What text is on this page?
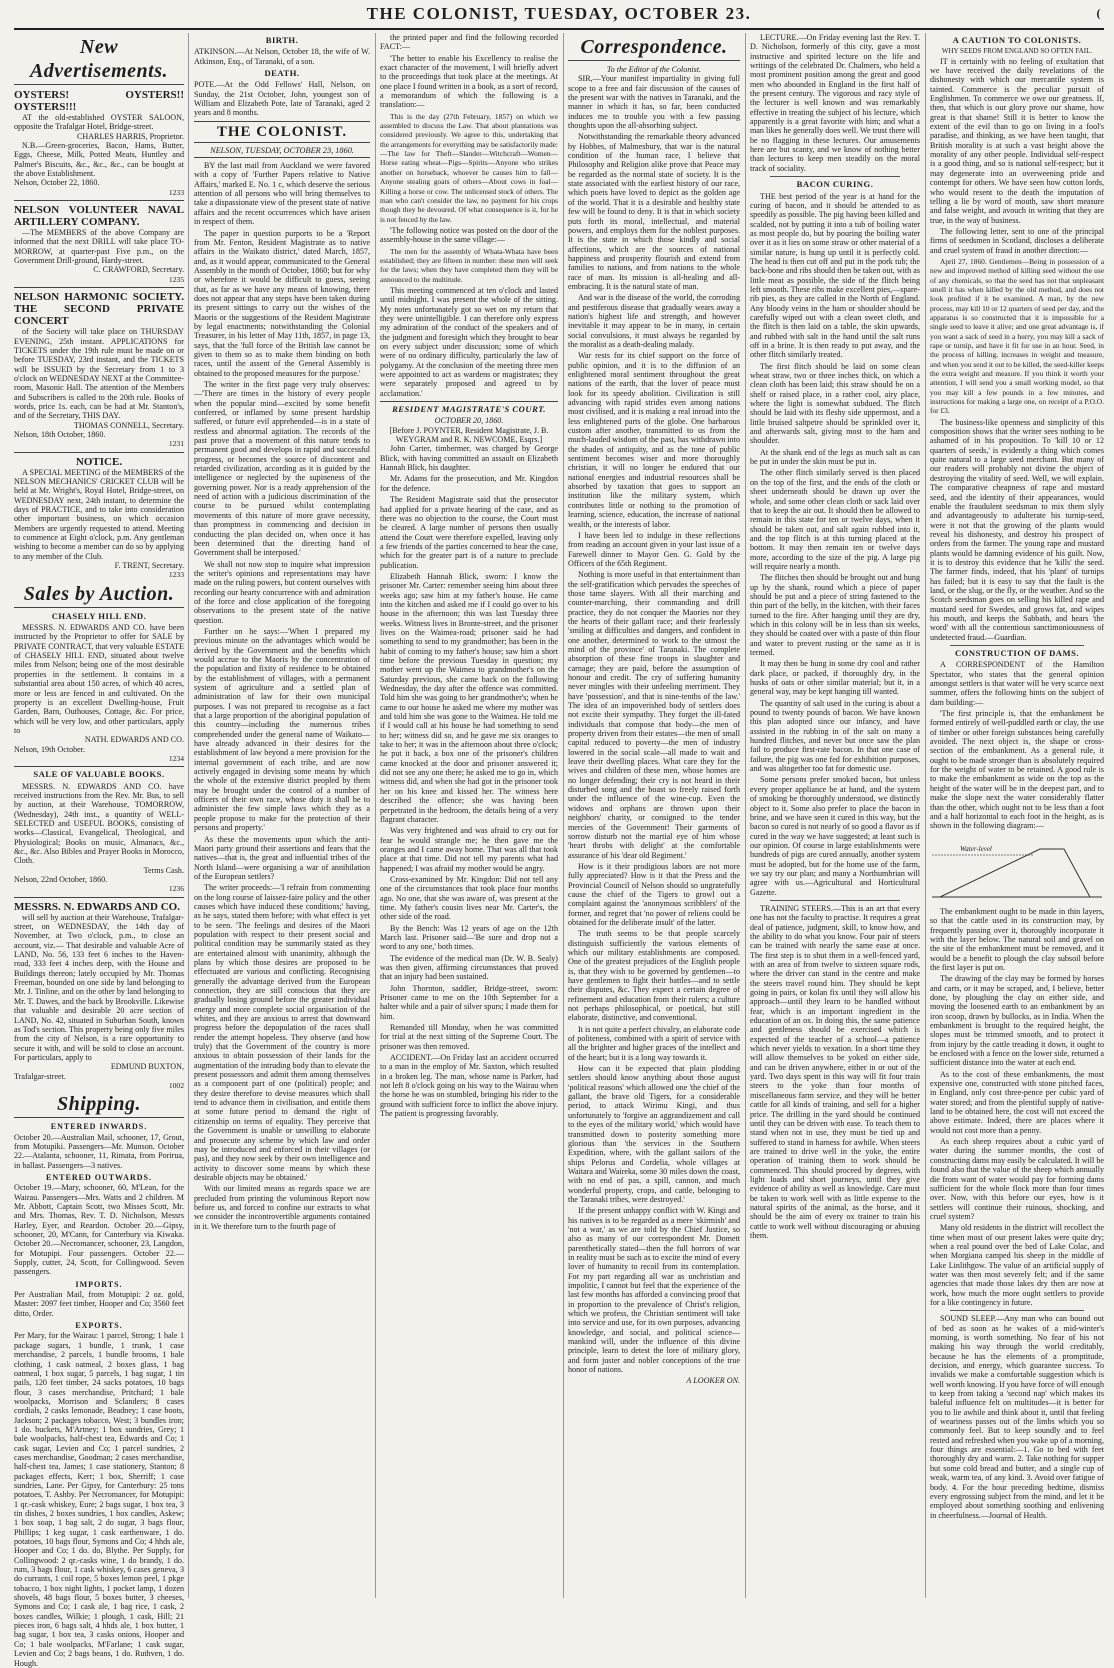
THE COLONIST, TUESDAY, OCTOBER 23.	(
New Advertisements.
OYSTERS! OYSTERS!! OYSTERS!!!

AT the old-established OYSTER SALOON, opposite the Trafalgar Hotel, Bridge-street.

CHARLES HARRIS, Proprietor.

N.B.—Green-groceries, Bacon, Hams, Butter, Eggs, Cheese, Milk, Potted Meats, Huntley and Palmer's Biscuits, &c., &c., &c., can be bought at the above Establishment.

Nelson, October 22, 1860.
1233
NELSON VOLUNTEER NAVAL ARTILLERY COMPANY.

—The MEMBERS of the above Company are informed that the next DRILL will take place TO-MORROW, at quarter-past Five p.m., on the Government Drill-ground, Hardy-street.

C. CRAWFORD, Secretary.
1235
NELSON HARMONIC SOCIETY. THE SECOND PRIVATE CONCERT

of the Society will take place on THURSDAY EVENING, 25th instant. APPLICATIONS for TICKETS under the 19th rule must be made on or before TUESDAY, 23rd instant, and the TICKETS will be ISSUED by the Secretary from 1 to 3 o'clock on WEDNESDAY NEXT at the Committee-room, Masonic Hall. The attention of the Members and Subscribers is called to the 20th rule. Books of words, price 1s. each, can be had at Mr. Stanton's, and of the Secretary, THIS DAY.

THOMAS CONNELL, Secretary.
Nelson, 18th October, 1860.
1231
NOTICE.

A SPECIAL MEETING of the MEMBERS of the NELSON MECHANICS' CRICKET CLUB will be held at Mr. Wright's, Royal Hotel, Bridge-street, on WEDNESDAY next, 24th instant, to determine the days of PRACTICE, and to take into consideration other important business, on which occasion Members are urgently requested to attend. Meeting to commence at Eight o'clock, p.m. Any gentleman wishing to become a member can do so by applying to any member of the Club.

F. TRENT, Secretary.
1233
Sales by Auction.
CHASELY HILL END.

MESSRS. N. EDWARDS AND CO. have been instructed by the Proprietor to offer for SALE by PRIVATE CONTRACT, that very valuable ESTATE of CHASELY HILL END, situated about twelve miles from Nelson; being one of the most desirable properties in the settlement. It contains in a substantial area about 150 acres, of which 40 acres, more or less are fenced in and cultivated. On the property is an excellent Dwelling-house, Fruit Garden, Barn, Outhouses, Cottage, &c. For price, which will be very low, and other particulars, apply to

NATH. EDWARDS AND CO.
Nelson, 19th October.
1234
SALE OF VALUABLE BOOKS.

MESSRS. N. EDWARDS AND CO. have received instructions from the Rev. Mr. Bus, to sell by auction, at their Warehouse, TOMORROW, (Wednesday), 24th inst., a quantity of WELL-SELECTED and USEFUL BOOKS, consisting of works—Classical, Evangelical, Theological, and Physiological; Books on music, Almanacs, &c., &c., &c. Also Bibles and Prayer Books in Morocco, Cloth.

Terms Cash.
Nelson, 22nd October, 1860.
1236
MESSRS. N. EDWARDS AND CO.

will sell by auction at their Warehouse, Trafalgar-street, on WEDNESDAY, the 14th day of November, at Two o'clock, p.m., to close an account, viz.— That desirable and valuable Acre of LAND, No. 56, 133 feet 6 inches to the Haven-road, 333 feet 4 inches deep, with the House and Buildings thereon; lately occupied by Mr. Thomas Freeman, bounded on one side by land belonging to Mr. J. Tinline, and on the other by land belonging to Mr. T. Dawes, and the back by Brookville. Likewise that valuable and desirable 20 acre section of LAND, No. 42, situated in Suburban South, known as Tod's section. This property being only five miles from the city of Nelson, is a rare opportunity to secure it with, and will be sold to close an account. For particulars, apply to

EDMUND BUXTON,
Trafalgar-street.
1002
Shipping.
ENTERED INWARDS.
October 20.—Australian Mail, schooner, 17, Grout, from Motupiki. Passengers—Mr. Munson. October 22.—Atalanta, schooner, 11, Rimata, from Porirua, in ballast. Passengers—3 natives.
ENTERED OUTWARDS.
October 19.—Mary, schooner, 60, M'Lean, for the Wairau. Passengers—Mrs. Watts and 2 children. M Mr. Abbott, Captain Scott, two Misses Scott, Mr. and Mrs. Thomas, Rev. T. D. Nicholson, Messrs Harley, Eyer, and Reardon. October 20.—Gipsy, schooner, 20, M'Cann, for Canterbury via Kiwaka. October 20.—Necromancer, schooner, 23, Langdon, for Motupipi. Four passengers. October 22.—Supply, cutter, 24, Scott, for Collingwood. Seven passengers.
IMPORTS.
Per Australian Mail, from Motupipi: 2 oz. gold, Master: 2097 feet timber, Hooper and Co; 3560 feet ditto, Order.
EXPORTS.
Per Mary, for the Wairau: 1 parcel, Strong; 1 bale 1 package sugars, 1 bundle, 1 trunk, 1 case merchandise, 2 parcels, 1 bundle brooms, 1 bale clothing, 1 cask oatmeal, 2 boxes glass, 1 bag oatmeal, 1 box sugar, 5 parcels, 1 bag sugar, 1 tin pails, 120 feet timber, 24 sacks potatoes, 10 bags flour, 3 cases merchandise, Pritchard; 1 bale woolpacks, Morrison and Sclanders; 8 cases cordials, 2 casks lemonade, Beadney; 1 case boots, Jackson; 2 packages tobacco, West; 3 bundles iron; 1 do. buckets, M'Artney; 1 box sundries, Grey; 1 bale woolpacks, half-chest tea, Edwards and Co; 1 cask sugar, Levien and Co; 1 parcel sundries, 2 cases merchandise, Goodman; 2 cases merchandise, half-chest tea, James; 1 case stationery, Stanton; 8 packages effects, Kerr; 1 box, Sherriff; 1 case sundries, Lane. Per Gipsy, for Canterbury: 25 tons potatoes, T. Ashby. Per Necromancer, for Motupipi: 1 qr.-cask whiskey, Eure; 2 bags sugar, 1 box tea, 3 tin dishes, 2 boxes sundries, 1 box candles, Askew; 1 box soap, 1 bag salt, 2 do sugar, 3 bags flour, Phillips; 1 keg sugar, 1 cask earthenware, 1 do. potatoes, 10 bags flour, Symons and Co; 4 hhds ale, Hooper and Co; 1 do. do, Blythe. Per Supply, for Collingwood: 2 qr.-casks wine, 1 do brandy, 1 do. rum, 3 bags flour, 1 cask whiskey, 6 cases geneva, 3 do currants, 1 coil rope, 5 boxes lemon peel, 1 pkge tobacco, 1 box night lights, 1 pocket lamp, 1 dozen shovels, 48 bags flour, 5 boxes butter, 3 cheeses, Symons and Co; 1 cask ale, 1 bag rice, 1 cask, 2 boxes candles, Wilkie; 1 plough, 1 cask, Hill; 21 pieces iron, 6 bags salt, 4 hhds ale, 1 box butter, 1 bag sugar, 1 box tea, 3 casks onions, Hooper and Co; 1 bale woolpacks, M'Farlane; 1 cask sugar, Levien and Co; 2 bags beans, 1 do. Ruthven, 1 do. Hough.
BIRTH.
ATKINSON.—At Nelson, October 18, the wife of W. Atkinson, Esq., of Taranaki, of a son.
DEATH.
POTE.—At the Odd Fellows' Hall, Nelson, on Sunday, the 21st October, John, youngest son of William and Elizabeth Pote, late of Taranaki, aged 2 years and 8 months.
THE COLONIST.
NELSON, TUESDAY, OCTOBER 23, 1860.

BY the last mail from Auckland we were favored with a copy of 'Further Papers relative to Native Affairs,' marked E. No. 1 c, which deserve the serious attention of all persons who will bring themselves to take a dispassionate view of the present state of native affairs and the recent occurrences which have arisen in respect of them.

The paper in question purports to be a 'Report from Mr. Fenton, Resident Magistrate as to native affairs in the Waikato district,' dated March, 1857, and, as it would appear, communicated to the General Assembly in the month of October, 1860; but for why or wherefore it would be difficult to guess, seeing that, as far as we have any means of knowing, there does not appear that any steps have been taken during its present sittings to carry out the wishes of the Maoris or the suggestions of the Resident Magistrate by legal enactments; notwithstanding the Colonial Treasurer, in his letter of May 11th, 1857, in page 13, says, that the 'full force of the British law cannot be given to them so as to make them binding on both races, until the assent of the General Assembly is obtained to the proposed measures for the purpose.'

The writer in the first page very truly observes:—'There are times in the history of every people when the popular mind—excited by some benefit conferred, or inflamed by some present hardship suffered, or future evil apprehended—is in a state of restless and abnormal agitation. The records of the past prove that a movement of this nature tends to permanent good and develops in rapid and successful progress, or becomes the source of discontent and retarded civilization, according as it is guided by the intelligence or neglected by the supineness of the governing power. Nor is a ready apprehension of the need of action with a judicious discrimination of the course to be pursued whilst contemplating movements of this nature of more grave necessity, than promptness in commencing and decision in conducting the plan decided on, when once it has been determined that the directing hand of Government shall be interposed.'

We shall not now stop to inquire what impression the writer's opinions and representations may have made on the ruling powers, but content ourselves with recording our hearty concurrence with and admiration of the force and close application of the foregoing observations to the present state of the native question.

Further on he says:—'When I prepared my previous minute on the advantages which would be derived by the Government and the benefits which would accrue to the Maoris by the concentration of the population and fixity of residence to be obtained by the establishment of villages, with a permanent system of agriculture and a settled plan of administration of law for their own municipal purposes. I was not prepared to recognise as a fact that a large proportion of the aboriginal population of this country—including the numerous tribes comprehended under the general name of Waikato—have already advanced in their desires for the establishment of law beyond a mere provision for the internal government of each tribe, and are now actively engaged in devising some means by which the whole of the extensive district peopled by them may be brought under the control of a number of officers of their own race, whose duty it shall be to administer the few simple laws which they as a people propose to make for the protection of their persons and property.'

As these the movements upon which the anti-Maori party ground their assertions and fears that the natives—that is, the great and influential tribes of the North Island—were organising a war of annihilation of the European settlers?

The writer proceeds:—'I refrain from commenting on the long course of laissez-faire policy and the other causes which have induced these conditions;' having, as he says, stated them before; with what effect is yet to be seen. 'The feelings and desires of the Maori population with respect to their present social and political condition may be summarily stated as they are entertained almost with unanimity, although the plans by which those desires are proposed to be effectuated are various and conflicting. Recognising generally the advantage derived from the European connection, they are still conscious that they are gradually losing ground before the greater individual energy and more complete social organisation of the whites, and they are anxious to arrest that downward progress before the depopulation of the races shall render the attempt hopeless. They observe (and how truly) that the Government of the country is more anxious to obtain possession of their lands for the augmentation of the intruding body than to elevate the present possessors and admit them among themselves as a component part of one (political) people; and they desire therefore to devise measures which shall tend to advance them in civilisation, and entitle them at some future period to demand the right of citizenship on terms of equality. They perceive that the Government is unable or unwilling to elaborate and prosecute any scheme by which law and order may be introduced and enforced in their villages (or pas), and they now seek by their own intelligence and activity to discover some means by which these desirable objects may be obtained.'

With our limited means as regards space we are precluded from printing the voluminous Report now before us, and forced to confine our extracts to what we consider the incontrovertible arguments contained in it. We therefore turn to the fourth page of

the printed paper and find the following recorded FACT:—

'The better to enable his Excellency to realise the exact character of the movement, I will briefly advert to the proceedings that took place at the meetings. At one place I found written in a book, as a sort of record, a memorandum of which the following is a translation:—

This is the day (27th February, 1857) on which we assembled to discuss the Law. That about plantations was considered previously. We agree to this, undertaking that the arrangements for everything may be satisfactorily made:—The law for Theft—Slander—Witchcraft—Women—Horse eating wheat—Pigs—Spirits—Anyone who strikes another on horseback, whoever he causes him to fall—Anyone stealing goats of others—About cows in foal—Killing a horse or cow. The unlicensed stock of others. The man who can't consider the law, no payment for his crops though they be devoured. Of what consequence is it, for he is not fenced by the law.

'The following notice was posted on the door of the assembly-house in the same village:—

The men for the assembly of Whata-Whata have been established; they are fifteen in number: these men will seek for the laws; when they have completed them they will be announced to the multitude.

This meeting commenced at ten o'clock and lasted until midnight. I was present the whole of the sitting. My notes unfortunately got so wet on my return that they were unintelligible. I can therefore only express my admiration of the conduct of the speakers and of the judgment and foresight which they brought to bear on every subject under discussion; some of which were of no ordinary difficulty, particularly the law of polygamy. At the conclusion of the meeting three men were appointed to act as wardens or magistrates; they were separately proposed and agreed to by acclamation.'

RESIDENT MAGISTRATE'S COURT.
OCTOBER 20, 1860.
[Before J. POYNTER, Resident Magistrate, J. B. WEYGRAM and R. K. NEWCOME, Esqrs.]

John Carter, timbermer, was charged by George Blick, with having committed an assault on Elizabeth Hannah Blick, his daughter.

Mr. Adams for the prosecution, and Mr. Kingdon for the defence.

The Resident Magistrate said that the prosecutor had applied for a private hearing of the case, and as there was no objection to the course, the Court must be cleared. A large number of persons then usually attend the Court were therefore expelled, leaving only a few friends of the parties concerned to hear the case, which for the greater part is of a nature to preclude publication.

Elizabeth Hannah Blick, sworn: I know the prisoner Mr. Carter: remember seeing him about three weeks ago; saw him at my father's house. He came into the kitchen and asked me if I could go over to his house in the afternoon; this was last Tuesday three weeks. Witness lives in Bronte-street, and the prisoner lives on the Waimea-road; prisoner said he had something to send to my grandmother; has been in the habit of coming to my father's house; saw him a short time before the previous Tuesday in question; my mother went up the Waimea to grandmother's on the Saturday previous, she came back on the following Wednesday, the day after the offence was committed. Told him she was going to her grandmother's; when he came to our house he asked me where my mother was and told him she was gone to the Waimea. He told me if I would call at his house he had something to send to her; witness did so, and he gave me six oranges to take to her; it was in the afternoon about three o'clock; he put it back, a box one of the prisoner's children came knocked at the door and prisoner answered it; did not see any one there; he asked me to go in, which witness did, and when she had got in the prisoner took her on his knee and kissed her. The witness here described the offence; she was having been perpetrated in the bedroom, the details being of a very flagrant character.

Was very frightened and was afraid to cry out for fear he would strangle me; he then gave me the oranges and I came away home. That was all that took place at that time. Did not tell my parents what had happened; I was afraid my mother would be angry.

Cross-examined by Mr. Kingdon: Did not tell any one of the circumstances that took place four months ago. No one, that she was aware of, was present at the time. My father's cousin lives near Mr. Carter's, the other side of the road.

By the Bench: Was 12 years of age on the 12th March last. Prisoner said—'Be sure and drop not a word to any one,' both times.

The evidence of the medical man (Dr. W. B. Sealy) was then given, affirming circumstances that proved that an injury had been sustained.

John Thornton, saddler, Bridge-street, sworn: Prisoner came to me on the 10th September for a halter while and a pair of silver spurs; I made them for him.

Remanded till Monday, when he was committed for trial at the next sitting of the Supreme Court. The prisoner was then removed.

ACCIDENT.—On Friday last an accident occurred to a man in the employ of Mr. Saxton, which resulted in a broken leg. The man, whose name is Parker, had not left 8 o'clock going on his way to the Wairau when the horse he was on stumbled, bringing his rider to the ground with sufficient force to inflict the above injury. The patient is progressing favorably.

Correspondence.
To the Editor of the Colonist.

SIR,—Your manifest impartiality in giving full scope to a free and fair discussion of the causes of the present war with the natives in Taranaki, and the manner in which it has, so far, been conducted induces me to trouble you with a few passing thoughts upon the all-absorbing subject.

Notwithstanding the remarkable theory advanced by Hobbes, of Malmesbury, that war is the natural condition of the human race, I believe that Philosophy and Religion alike prove that Peace may be regarded as the normal state of society. It is the state associated with the earliest history of our race, which poets have loved to depict as the golden age of the world. That it is a desirable and healthy state few will be found to deny. It is that in which society puts forth its moral, intellectual, and material powers, and employs them for the noblest purposes. It is the state in which those kindly and social affections, which are the sources of national happiness and prosperity flourish and extend from families to nations, and from nations to the whole race of man. Its mission is all-healing and all-embracing. It is the natural state of man.

And war is the disease of the world, the corroding and pestiferous disease that gradually wears away a nation's highest life and strength, and however inevitable it may appear to be in many, in certain social convulsions, it must always be regarded by the moralist as a death-dealing malady.

War rests for its chief support on the force of public opinion, and it is to the diffusion of an enlightened moral sentiment throughout the great nations of the earth, that the lover of peace must look for its speedy abolition. Civilization is still advancing with rapid strides even among nations most civilised, and it is making a real inroad into the less enlightened parts of the globe. One barbarous custom after another, transmitted to us from the much-lauded wisdom of the past, has withdrawn into the shades of antiquity, and as the tone of public sentiment becomes wiser and more thoroughly christian, it will no longer be endured that our national energies and industrial resources shall be absorbed by taxation that goes to support an institution like the military system, which contributes little or nothing to the promotion of learning, science, education, the increase of national wealth, or the interests of labor.

I have been led to indulge in these reflections from reading an account given in your last issue of a Farewell dinner to Mayor Gen. G. Gold by the Officers of the 65th Regiment.

Nothing is more useful in that entertainment than the self-gratification which pervades the speeches of those tame slayers. With all their marching and counter-marching, their commanding and drill practice, they do not conquer the Maories nor they the hearts of their gallant race; and their fearlessly 'smiling at difficulties and dangers, and confident in one another, determined to work to the utmost the mind of the province' of Taranaki. The complete absorption of these fine troops in slaughter and carnage; they are paid, before the assumption of honour and credit. The cry of suffering humanity never mingles with their unfeeling merriment. They have 'possession', and that is nine-tenths of the law.' The idea of an impoverished body of settlers does not excite their sympathy. They forget the ill-fated individuals that compose that body—the men of property driven from their estates—the men of small capital reduced to poverty—the men of industry lowered in the social scale—all made to wait and leave their dwelling places. What care they for the wives and children of these men, whose homes are no longer defending; their cry is not heard in their disturbed song and the boast so freely raised forth under the influence of the wine-cup. Even the widows and orphans are thrown upon their neighbors' charity, or consigned to the tender mercies of the Government! Their garments of sorrow disturb not the martial eye of him whose 'heart throbs with delight' at the comfortable assurance of his 'dear old Regiment.'

How is it their prodigious labors are not more fully appreciated? How is it that the Press and the Provincial Council of Nelson should so ungratefully cause the chief of the Tigers to growl out a complaint against the 'anonymous scribblers' of the former, and regret that 'no power of reliens could be obtained for the deliberate insult' of the latter.

The truth seems to be that people scarcely distinguish sufficiently the various elements of which our military establishments are composed. One of the greatest prejudices of the English people is, that they wish to be governed by gentlemen—to have gentlemen to fight their battles—and to settle their disputes, &c. They expect a certain degree of refinement and education from their rulers; a culture not perhaps philosophical, or poetical, but still elaborate, distinctive, and conventional.

It is not quite a perfect chivalry, an elaborate code of politeness, combined with a spirit of service with all the brighter and higher graces of the intellect and of the heart; but it is a long way towards it.

How can it be expected that plain plodding settlers should know anything about those august 'political reasons' which allowed one 'the chief of the gallant, the brave old Tigers, for a considerable period, to attack Wirimu Kingi, and thus unfortunately to 'forgive an aggrandizement and call to the eyes of the military world,' which would have transmitted down to posterity something more glorious than 'the services in the Southern Expedition, where, with the gallant sailors of the ships Pelorus and Cordelia, whole villages at Waitara and Waireka, some 30 miles down the coast, with no end of pas, a spill, cannon, and much wonderful property, crops, and cattle, belonging to the Taranaki tribes, were destroyed.'

If the present unhappy conflict with W. Kingi and his natives is to be regarded as a mere 'skirmish' and 'not a war,' as we are told by the Chief Justice, so also as many of our correspondent Mr. Domett parenthetically stated—then the full horrors of war in reality must be such as to excite the mind of every lover of humanity to recoil from its contemplation. For my part regarding all war as unchristian and impolitic, I cannot but feel that the experience of the last few months has afforded a convincing proof that in proportion to the prevalence of Christ's religion, which we profess, the Christian sentiment will take into service and use, for its own purposes, advancing knowledge, and social, and political science—mankind will, under the influence of this divine principle, learn to detest the lore of military glory, and form juster and nobler conceptions of the true honor of nations.

A LOOKER ON.

LECTURE.—On Friday evening last the Rev. T. D. Nicholson, formerly of this city, gave a most instructive and spirited lecture on the life and writings of the celebrated Dr. Chalmers, who held a most prominent position among the great and good men who abounded in England in the first half of the present century. The vigorous and racy style of the lecturer is well known and was remarkably effective in treating the subject of his lecture, which apparently is a great favorite with him; and what a man likes he generally does well. We trust there will be no flagging in these lectures. Our amusements here are but scanty, and we know of nothing better than lectures to keep men steadily on the moral track of sociality.

BACON CURING.

THE best period of the year is at hand for the curing of bacon, and it should be attended to as speedily as possible. The pig having been killed and scalded, not by putting it into a tub of boiling water as most people do, but by pouring the boiling water over it as it lies on some straw or other material of a similar nature, is hung up until it is perfectly cold. The head is then cut off and put in the pork tub; the back-bone and ribs should then be taken out, with as little meat as possible, the side of the flitch being left smooth. These ribs make excellent pies,—spare-rib pies, as they are called in the North of England. Any bloody veins in the ham or shoulder should be carefully wiped out with a clean sweet cloth, and the flitch is then laid on a table, the skin upwards, and rubbed with salt in the hand until the salt runs off in a brine. It is then ready to put away, and the other flitch similarly treated.

The first flitch should be laid on some clean wheat straw, two or three inches thick, on which a clean cloth has been laid; this straw should be on a shelf or raised place, in a rather cool, airy place, where the light is somewhat subdued. The flitch should be laid with its fleshy side uppermost, and a little bruised saltpetre should be sprinkled over it, and afterwards salt, giving most to the ham and shoulder.

At the shank end of the legs as much salt as can be put in under the skin must be put in.

The other flitch similarly served is then placed on the top of the first, and the ends of the cloth or sheet underneath should be drawn up over the whole, and some other clean cloth or sack laid over that to keep the air out. It should then be allowed to remain in this state for ten or twelve days, when it should be taken out, and salt again rubbed into it, and the top flitch is at this turning placed at the bottom. It may then remain ten or twelve days more, according to the size of the pig. A large pig will require nearly a month.

The flitches then should be brought out and hung up by the shank, round which a piece of paper should be put and a piece of string fastened to the thin part of the belly, in the kitchen, with their faces turned to the fire. After hanging until they are dry, which in this colony will be in less than six weeks, they should be coated over with a paste of thin flour and water to prevent rusting or the same as it is termed.

It may then be hung in some dry cool and rather dark place, or packed, if thoroughly dry, in the husks of oats or other similar material; but it, in a general way, may be kept hanging till wanted.

The quantity of salt used in the curing is about a pound to twenty pounds of bacon. We have known this plan adopted since our infancy, and have assisted in the rubbing in of the salt on many a hundred flitches, and never but once saw the plan fail to produce first-rate bacon. In that one case of failure, the pig was one fed for exhibition purposes, and was altogether too fat for domestic use.

Some persons prefer smoked bacon, but unless every proper appliance be at hand, and the system of smoking be thoroughly understood, we distinctly object to it. Some also prefer to place the bacon in brine, and we have seen it cured in this way, but the bacon so cured is not nearly of so good a flavor as if cured in the way we have suggested; at least such is our opinion. Of course in large establishments were hundreds of pigs are cured annually, another system must be adopted, but for the home use of the farm, we say try our plan; and many a Northumbrian will agree with us.—Agricultural and Horticultural Gazette.

TRAINING STEERS.—This is an art that every one has not the faculty to practise. It requires a great deal of patience, judgment, skill, to know how, and the ability to do what you know. Four pair of steers can be trained with nearly the same ease at once. The first step is to shut them in a well-fenced yard, with an area of from twelve to sixteen square rods, where the driver can stand in the centre and make the steers travel round him. They should be kept going in pairs, or kolan fix until they will allow his approach—until they learn to be handled without fear, which is an important ingredient in the education of an ox. In doing this, the same patience and gentleness should be exercised which is expected of the teacher of a school—a patience which never yields to vexation. In a short time they will allow themselves to be yoked on either side, and can be driven anywhere, either in or out of the yard. Two days spent in this way will fit four train steers to the yoke than four months of miscellaneous farm service, and they will be better cattle for all kinds of training, and sell for a higher price. The drilling in the yard should be continued until they can be driven with ease. To teach them to stand when not in use, they must be tied up and suffered to stand in harness for awhile. When steers are trained to drive well in the yoke, the entire operation of training them to work should be commenced. This should proceed by degrees, with light loads and short journeys, until they give evidence of ability as well as knowledge. Care must be taken to work well with as little expense to the natural spirits of the animal, as the horse, and it should be the aim of every ox trainer to train his cattle to work well without discouraging or abusing them.

A CAUTION TO COLONISTS.
WHY SEEDS FROM ENGLAND SO OFTEN FAIL.

IT is certainly with no feeling of exultation that we have received the daily revelations of the dishonesty with which our mercantile system is tainted. Commerce is the peculiar pursuit of Englishmen. To commerce we owe our greatness. If, then, that which is our glory prove our shame, how great is that shame! Still it is better to know the extent of the evil than to go on living in a fool's paradise, and thinking, as we have been taught, that British morality is at such a vast height above the morality of any other people. Individual self-respect is a good thing, and so is national self-respect; but it may degenerate into an overweening pride and contempt for others. We have seen how cotton lords, who would resent to the death the imputation of telling a lie by word of mouth, saw short measure and false weight, and avouch in writing that they are true, in the way of business.

The following letter, sent to one of the principal firms of seedsmen in Scotland, discloses a deliberate and cruel system of fraud in another direction:—

April 27, 1860. Gentlemen—Being in possession of a new and improved method of killing seed without the use of any chemicals, so that the seed has not that unpleasant smell it has when killed by the old method, and does not look profited if it be examined. A man, by the new process, may kill 10 or 12 quarters of seed per day, and the apparatus is so constructed that it is impossible for a single seed to leave it alive; and one great advantage is, if you want a sack of seed in a hurry, you may kill a sack of rape or turnip, and have it fit for use in an hour. Seed, in the process of killing, increases in weight and measure, and when you send it out to be killed, the seed-killer keeps the extra weight and measure. If you think it worth your attention, I will send you a small working model, so that you may kill a few pounds in a few minutes, and instructions for making a large one, on receipt of a P.O.O. for £3.

The business-like openness and simplicity of this composition shows that the writer sees nothing to be ashamed of in his proposition. To 'kill 10 or 12 quarters of seeds,' is evidently a thing which comes quite natural to a large seed merchant. But many of our readers will probably not divine the object of destroying the vitality of seed. Well, we will explain. The comparative cheapness of rape and mustard seed, and the identity of their appearances, would enable the fraudulent seedsman to mix them slyly and advantageously to adulterate his turnip-seed, were it not that the growing of the plants would reveal his dishonesty, and destroy his prospect of orders from the farmer. The young rape and mustard plants would be damning evidence of his guilt. Now, it is to destroy this evidence that he 'kills' the seed. The farmer finds, indeed, that his 'plant' of turnips has failed; but it is easy to say that the fault is the land, or the slug, or the fly, or the weather. And so the Scotch seedsman goes on selling his killed rape and mustard seed for Swedes, and grows fat, and wipes his mouth, and keeps the Sabbath, and hears 'the word' with all the contentious sanctimoniousness of undetected fraud.—Guardian.

CONSTRUCTION OF DAMS.

A CORRESPONDENT of the Hamilton Spectator, who states that the general opinion amongst settlers is that water will be very scarce next summer, offers the following hints on the subject of dam building:—

'The first principle is, that the embankment be formed entirely of well-puddled earth or clay, the use of timber or other foreign substances being carefully avoided. The next object is, the shape or cross-section of the embankment. As a general rule, it ought to be made stronger than is absolutely required for the weight of water to be retained. A good rule is to make the embankment as wide on the top as the height of the water will be in the deepest part, and to make the slope next the water considerably flatter than the other, which ought not to be less than a foot and a half horizontal to each foot in the height, as is shown in the following diagram:—

Water-level

The embankment ought to be made in thin layers, so that the cattle used in its construction may, by frequently passing over it, thoroughly incorporate it with the layer below. The natural soil and gravel on the site of the embankment must be removed, and it would be a benefit to plough the clay subsoil before the first layer is put on.

The drawing of the clay may be formed by horses and carts, or it may be scraped, and, I believe, better done, by ploughing the clay on either side, and moving the loosened earth to an embankment by an iron scoop, drawn by bullocks, as in India. When the embankment is brought to the required height, the slopes must be trimmed smooth, and to protect it from injury by the cattle treading it down, it ought to be enclosed with a fence on the lower side, returned a sufficient distance into the water at each end.

As to the cost of these embankments, the most expensive one, constructed with stone pitched faces, in England, only cost three-pence per cubic yard of water stored; and from the plentiful supply of native-land to be obtained here, the cost will not exceed the above estimate. Indeed, there are places where it would not cost more than a penny.

As each sheep requires about a cubic yard of water during the summer months, the cost of constructing dams may easily be calculated. It will be found also that the value of the sheep which annually die from want of water would pay for forming dams sufficient for the whole flock more than four times over. Now, with this before our eyes, how is it settlers will continue their ruinous, shocking, and cruel system?

Many old residents in the district will recollect the time when most of our present lakes were quite dry; when a real pound over the bed of Lake Colac, and when Morgiana camped his sheep in the middle of Lake Linlithgow. The value of an artificial supply of water was then most severely felt; and if the same agencies that made those lakes dry then are now at work, how much the more ought settlers to provide for a like contingency in future.

SOUND SLEEP.—Any man who can bound out of bed as soon as he wakes of a mid-winter's morning, is worth something. No fear of his not making his way through the world creditably, because he has the elements of a promptitude, decision, and energy, which guarantee success. To invalids we make a comfortable suggestion which is well worth knowing. If you have force of will enough to keep from taking a 'second nap' which makes its baleful influence felt on multitudes—it is better for you to lie awhile and think about it, until that feeling of weariness passes out of the limbs which you so commonly feel. But to keep soundly and to feel rested and refreshed when you wake up of a morning, four things are essential:—1. Go to bed with feet thoroughly dry and warm. 2. Take nothing for supper but some cold bread and butter, and a single cup of weak, warm tea, of any kind. 3. Avoid over fatigue of body. 4. For the hour preceding bedtime, dismiss every engrossing subject from the mind, and let it be employed about something soothing and enlivening in cheerfulness.—Journal of Health.
